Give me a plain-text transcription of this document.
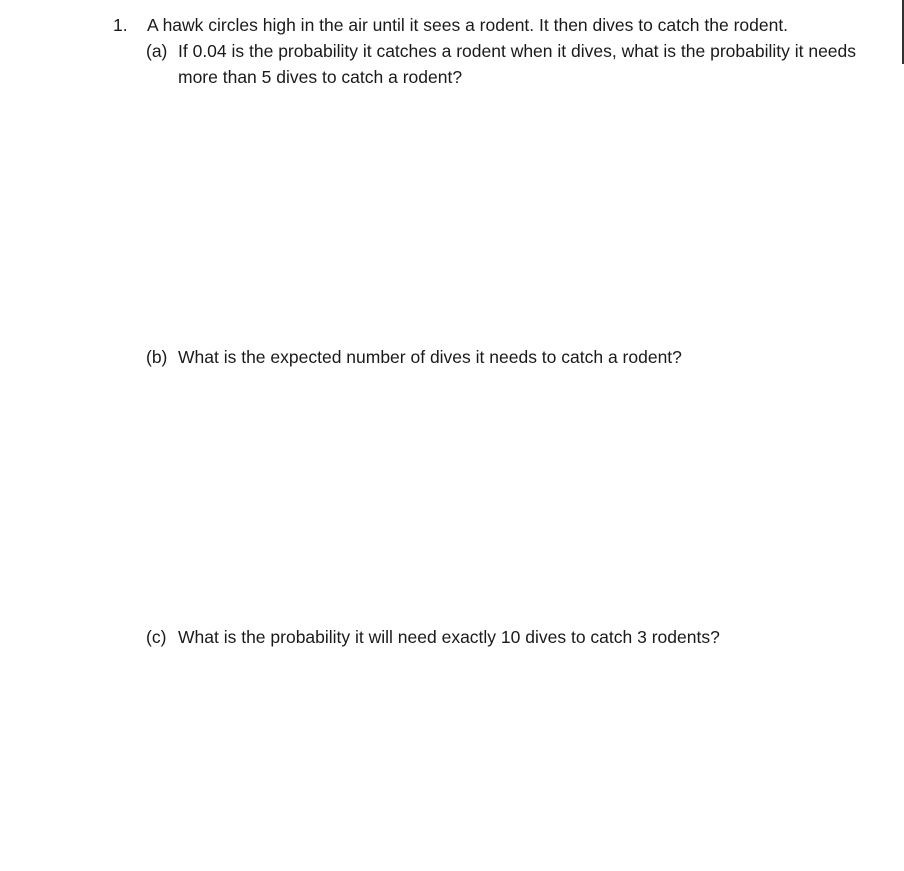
1. A hawk circles high in the air until it sees a rodent. It then dives to catch the rodent.
(a) If 0.04 is the probability it catches a rodent when it dives, what is the probability it needs
more than 5 dives to catch a rodent?
(b) What is the expected number of dives it needs to catch a rodent?
(c) What is the probability it will need exactly 10 dives to catch 3 rodents?
